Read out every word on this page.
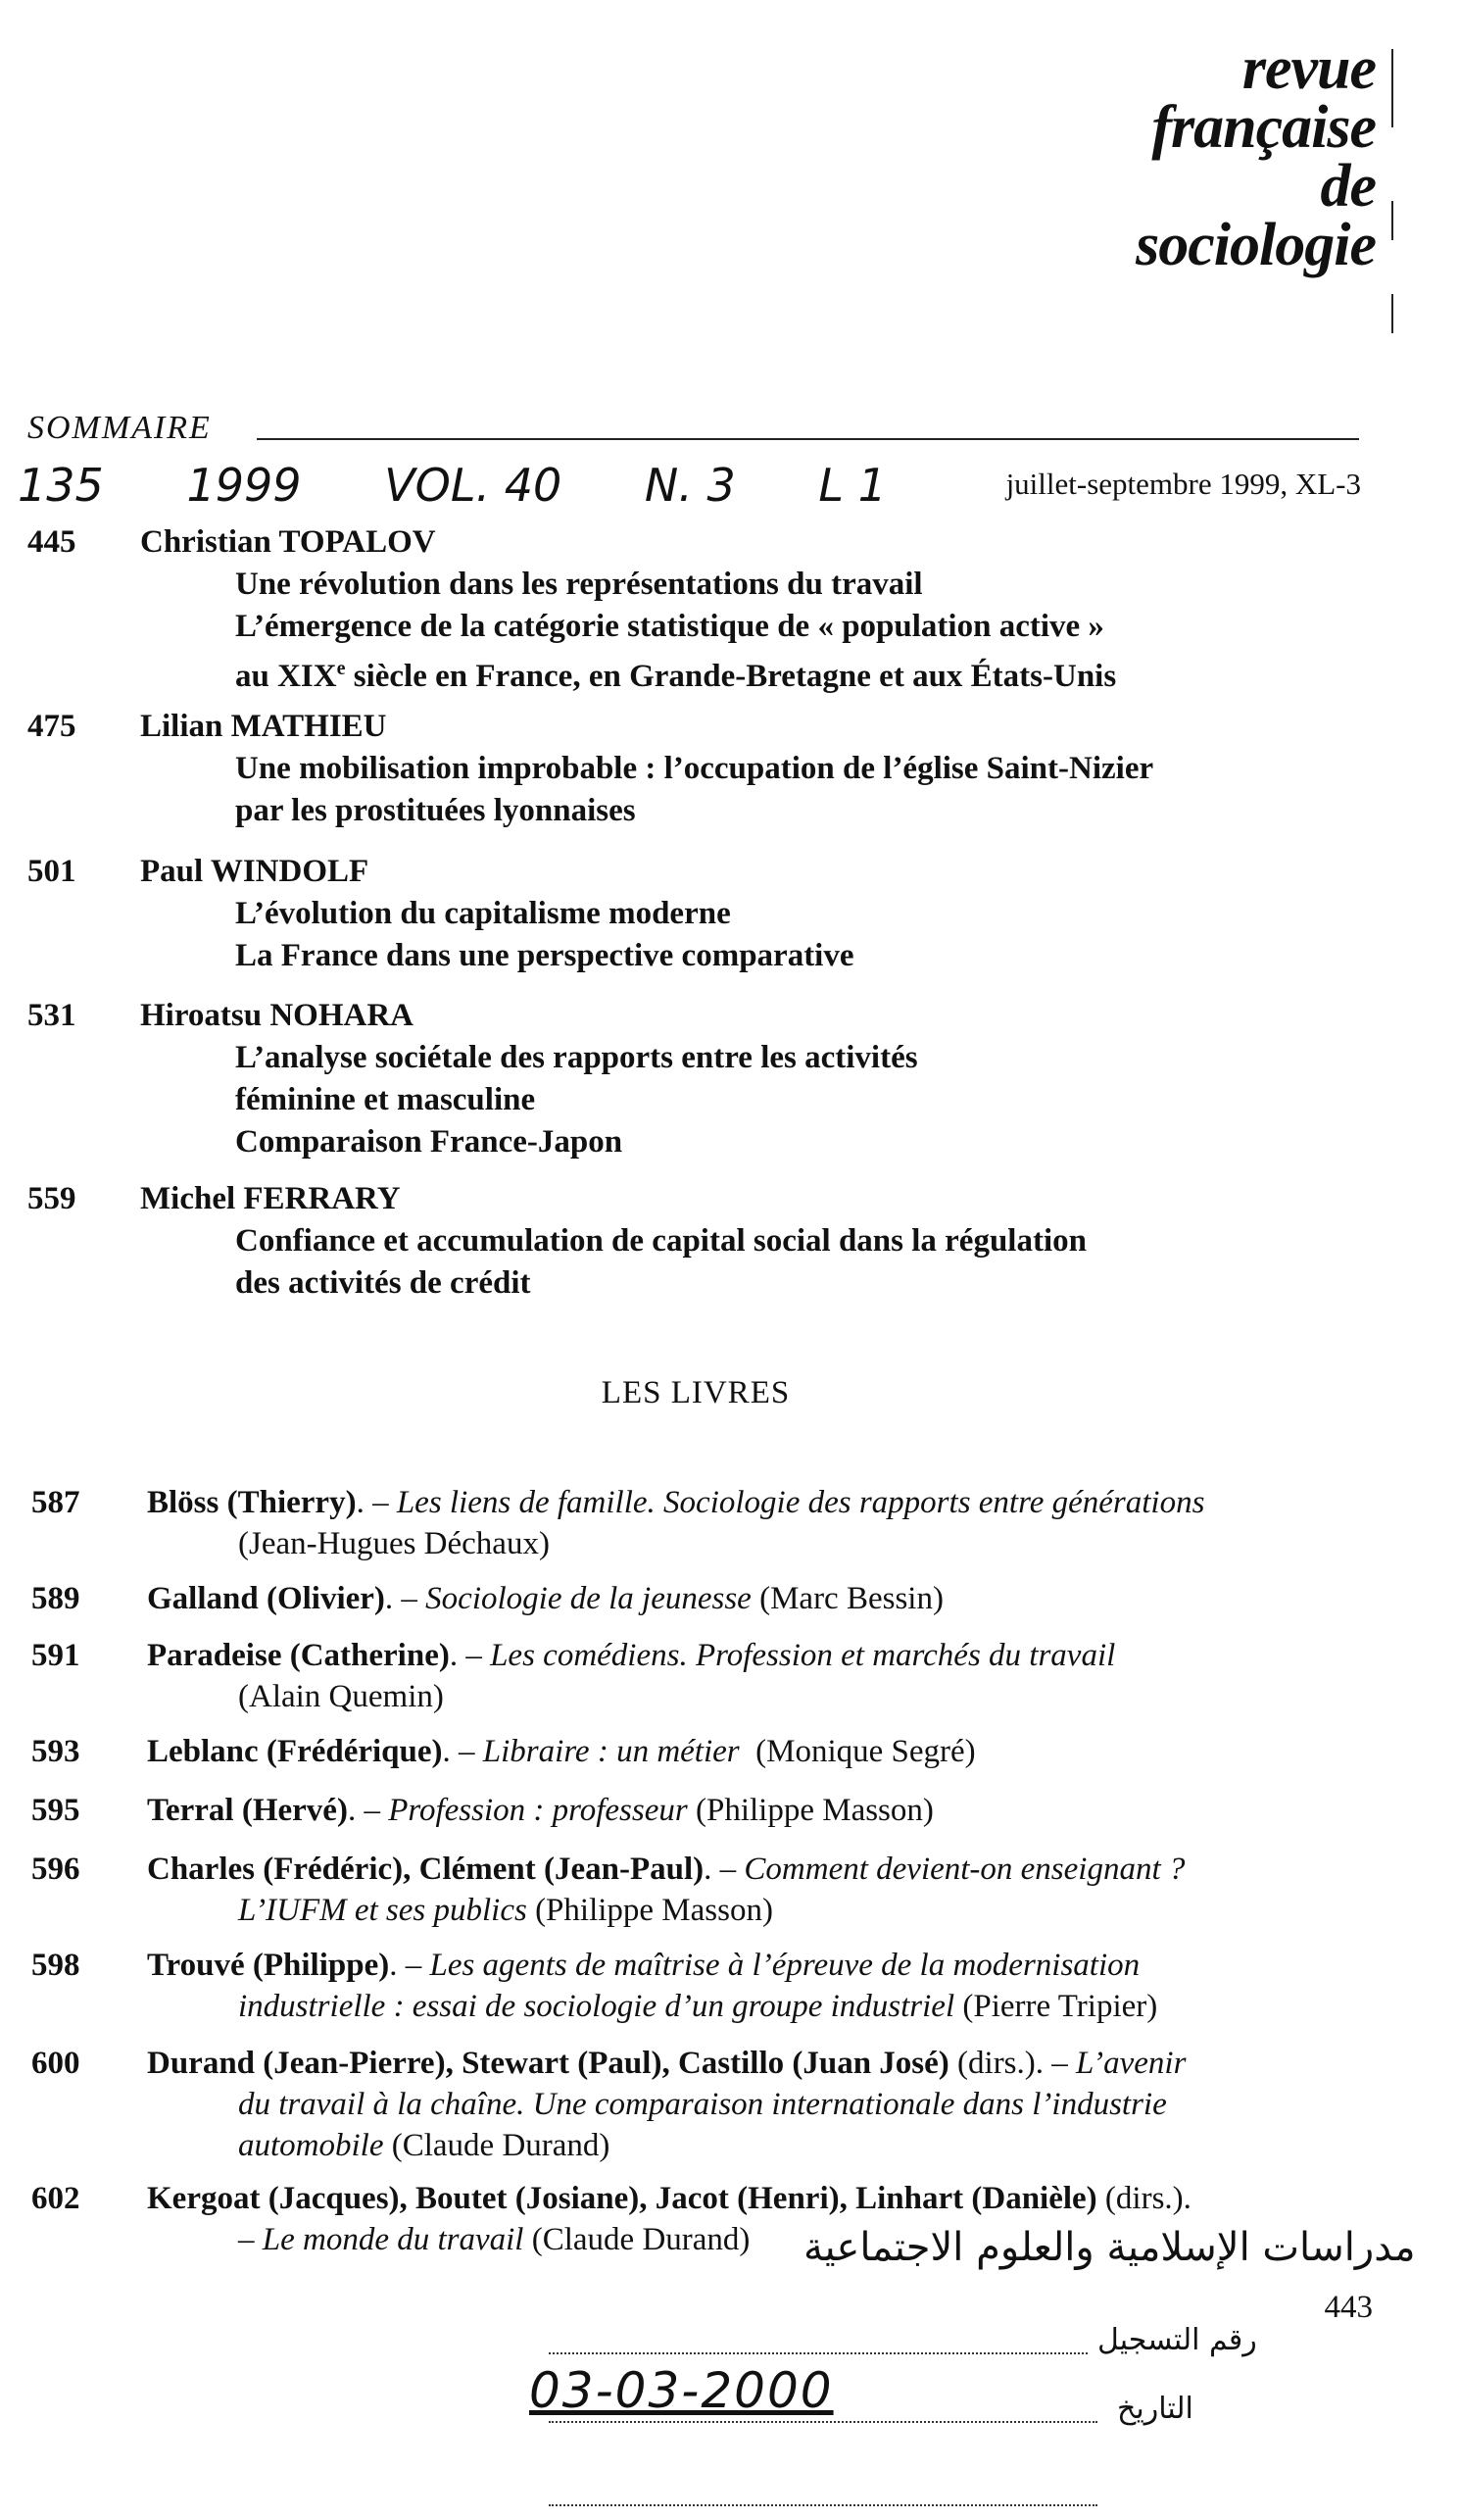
revue
française
de
sociologie
SOMMAIRE
135 1999 VOL. 40 N. 3 L 1	juillet-septembre 1999, XL-3
445 Christian TOPALOV
Une révolution dans les représentations du travail
L’émergence de la catégorie statistique de « population active »
au XIXe siècle en France, en Grande-Bretagne et aux États-Unis
475 Lilian MATHIEU
Une mobilisation improbable : l’occupation de l’église Saint-Nizier
par les prostituées lyonnaises
501 Paul WINDOLF
L’évolution du capitalisme moderne
La France dans une perspective comparative
531 Hiroatsu NOHARA
L’analyse sociétale des rapports entre les activités
féminine et masculine
Comparaison France-Japon
559 Michel FERRARY
Confiance et accumulation de capital social dans la régulation
des activités de crédit
LES LIVRES
587 Blöss (Thierry). – Les liens de famille. Sociologie des rapports entre générations
(Jean-Hugues Déchaux)
589 Galland (Olivier). – Sociologie de la jeunesse (Marc Bessin)
591 Paradeise (Catherine). – Les comédiens. Profession et marchés du travail
(Alain Quemin)
593 Leblanc (Frédérique). – Libraire : un métier (Monique Segré)
595 Terral (Hervé). – Profession : professeur (Philippe Masson)
596 Charles (Frédéric), Clément (Jean-Paul). – Comment devient-on enseignant ?
L’IUFM et ses publics (Philippe Masson)
598 Trouvé (Philippe). – Les agents de maîtrise à l’épreuve de la modernisation
industrielle : essai de sociologie d’un groupe industriel (Pierre Tripier)
600 Durand (Jean-Pierre), Stewart (Paul), Castillo (Juan José) (dirs.). – L’avenir
du travail à la chaîne. Une comparaison internationale dans l’industrie
automobile (Claude Durand)
602 Kergoat (Jacques), Boutet (Josiane), Jacot (Henri), Linhart (Danièle) (dirs.).
– Le monde du travail (Claude Durand) مدراسات الإسلامية والعلوم الاجتماعية
443
رقم التسجيل
03-03-2000	التاريخ
